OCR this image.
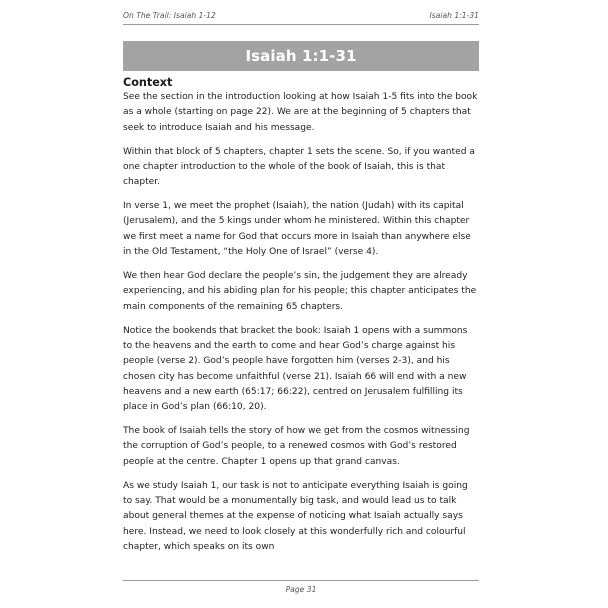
On The Trail: Isaiah 1-12	Isaiah 1:1-31
Isaiah 1:1-31
Context

See the section in the introduction looking at how Isaiah 1-5 fits into the book as a whole (starting on page 22). We are at the beginning of 5 chapters that seek to introduce Isaiah and his message.

Within that block of 5 chapters, chapter 1 sets the scene. So, if you wanted a one chapter introduction to the whole of the book of Isaiah, this is that chapter.

In verse 1, we meet the prophet (Isaiah), the nation (Judah) with its capital (Jerusalem), and the 5 kings under whom he ministered. Within this chapter we first meet a name for God that occurs more in Isaiah than anywhere else in the Old Testament, “the Holy One of Israel” (verse 4).

We then hear God declare the people’s sin, the judgement they are already experiencing, and his abiding plan for his people; this chapter anticipates the main components of the remaining 65 chapters.

Notice the bookends that bracket the book: Isaiah 1 opens with a summons to the heavens and the earth to come and hear God’s charge against his people (verse 2). God’s people have forgotten him (verses 2-3), and his chosen city has become unfaithful (verse 21). Isaiah 66 will end with a new heavens and a new earth (65:17; 66:22), centred on Jerusalem fulfilling its place in God’s plan (66:10, 20).

The book of Isaiah tells the story of how we get from the cosmos witnessing the corruption of God’s people, to a renewed cosmos with God’s restored people at the centre. Chapter 1 opens up that grand canvas.

As we study Isaiah 1, our task is not to anticipate everything Isaiah is going to say. That would be a monumentally big task, and would lead us to talk about general themes at the expense of noticing what Isaiah actually says here. Instead, we need to look closely at this wonderfully rich and colourful chapter, which speaks on its own

Page 31
